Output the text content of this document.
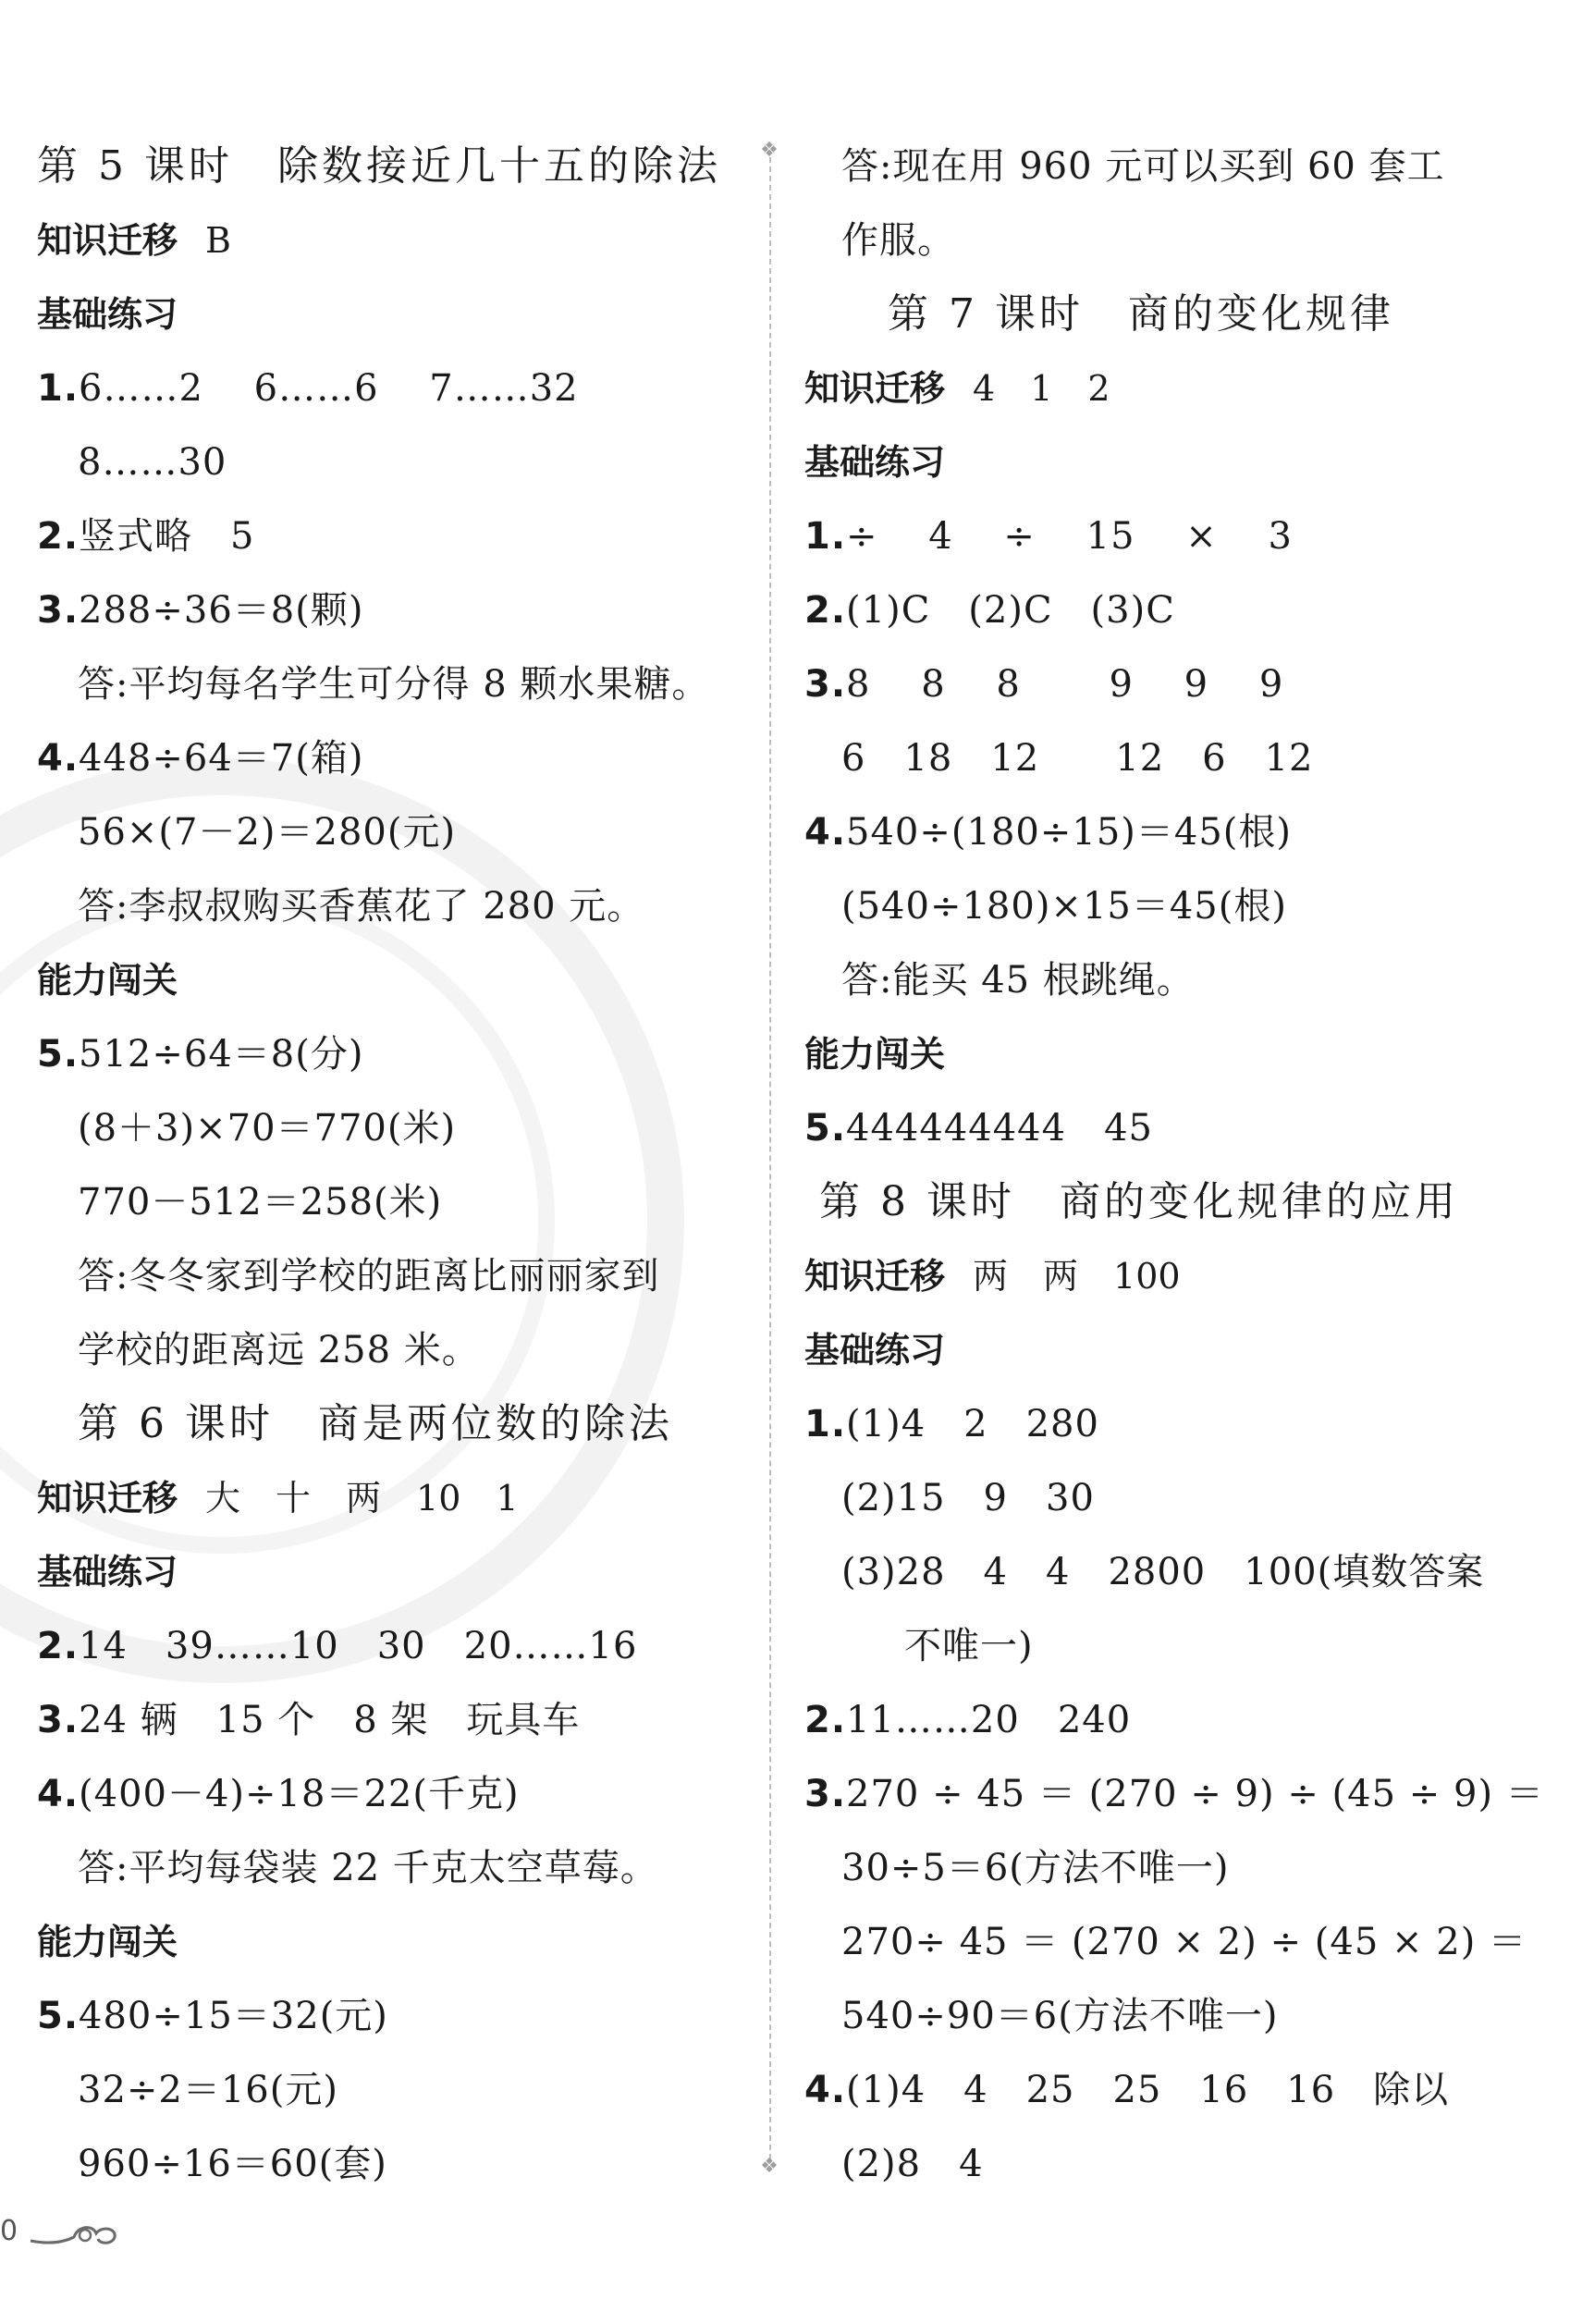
❖
❖
第 5 课时　除数接近几十五的除法
知识迁移 B
基础练习
1.6……2　 6……6　 7……32
8……30
2.竖式略　5
3.288÷36＝8(颗)
答:平均每名学生可分得 8 颗水果糖。
4.448÷64＝7(箱)
56×(7－2)＝280(元)
答:李叔叔购买香蕉花了 280 元。
能力闯关
5.512÷64＝8(分)
(8＋3)×70＝770(米)
770－512＝258(米)
答:冬冬家到学校的距离比丽丽家到
学校的距离远 258 米。
第 6 课时　商是两位数的除法
知识迁移 大　十　两　10　1
基础练习
2.14　39……10　30　20……16
3.24 辆　15 个　8 架　玩具车
4.(400－4)÷18＝22(千克)
答:平均每袋装 22 千克太空草莓。
能力闯关
5.480÷15＝32(元)
32÷2＝16(元)
960÷16＝60(套)
答:现在用 960 元可以买到 60 套工
作服。
第 7 课时　商的变化规律
知识迁移 4　1　2
基础练习
1.÷　 4　 ÷　 15　 ×　 3
2.(1)C　(2)C　(3)C
3.8　 8　 8　　 9　 9　 9
6　18　12　　12　6　12
4.540÷(180÷15)＝45(根)
(540÷180)×15＝45(根)
答:能买 45 根跳绳。
能力闯关
5.444444444　45
第 8 课时　商的变化规律的应用
知识迁移 两　两　100
基础练习
1.(1)4　2　280
(2)15　9　30
(3)28　4　4　2800　100(填数答案
不唯一)
2.11……20　240
3.270 ÷ 45 ＝ (270 ÷ 9) ÷ (45 ÷ 9) ＝
30÷5＝6(方法不唯一)
270÷ 45 ＝ (270 × 2) ÷ (45 × 2) ＝
540÷90＝6(方法不唯一)
4.(1)4　4　25　25　16　16　除以
(2)8　4
0
